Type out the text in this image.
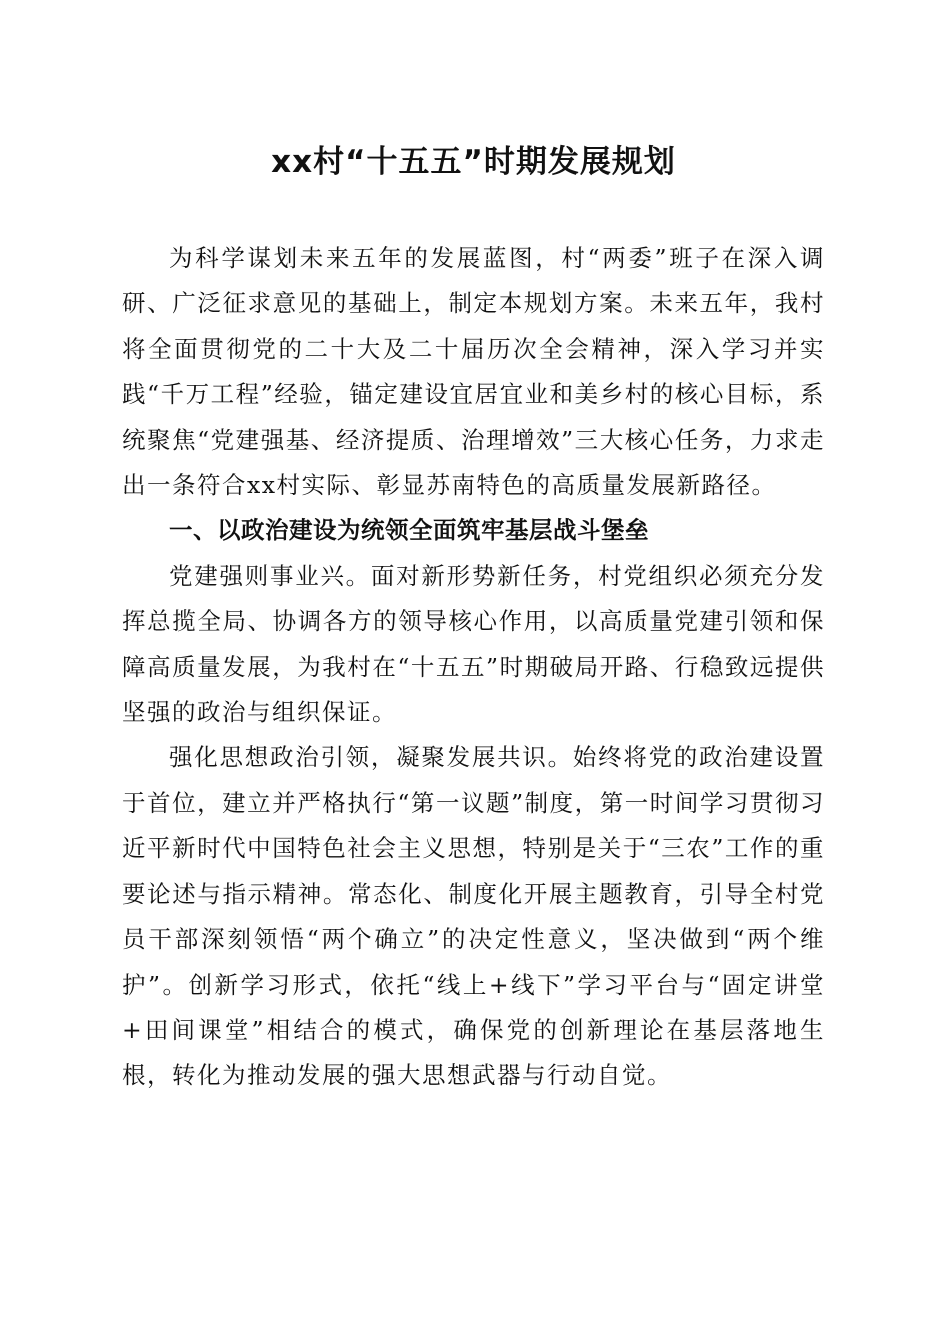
xx村“十五五”时期发展规划

为科学谋划未来五年的发展蓝图，村“两委”班子在深入调研、广泛征求意见的基础上，制定本规划方案。未来五年，我村将全面贯彻党的二十大及二十届历次全会精神，深入学习并实践“千万工程”经验，锚定建设宜居宜业和美乡村的核心目标，系统聚焦“党建强基、经济提质、治理增效”三大核心任务，力求走出一条符合xx村实际、彰显苏南特色的高质量发展新路径。

一、以政治建设为统领全面筑牢基层战斗堡垒

党建强则事业兴。面对新形势新任务，村党组织必须充分发挥总揽全局、协调各方的领导核心作用，以高质量党建引领和保障高质量发展，为我村在“十五五”时期破局开路、行稳致远提供坚强的政治与组织保证。

强化思想政治引领，凝聚发展共识。始终将党的政治建设置于首位，建立并严格执行“第一议题”制度，第一时间学习贯彻习近平新时代中国特色社会主义思想，特别是关于“三农”工作的重要论述与指示精神。常态化、制度化开展主题教育，引导全村党员干部深刻领悟“两个确立”的决定性意义，坚决做到“两个维护”。创新学习形式，依托“线上+线下”学习平台与“固定讲堂+田间课堂”相结合的模式，确保党的创新理论在基层落地生根，转化为推动发展的强大思想武器与行动自觉。
